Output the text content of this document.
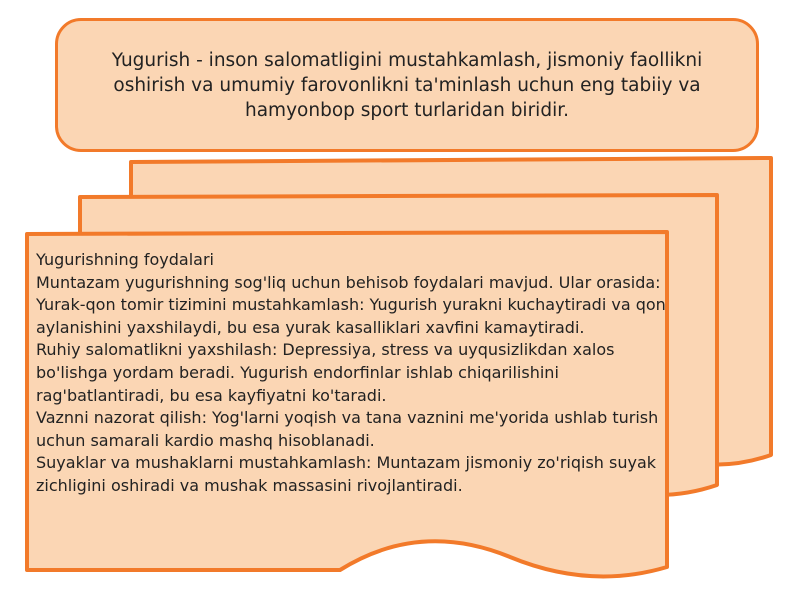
Yugurish - inson salomatligini mustahkamlash, jismoniy faollikni oshirish va umumiy farovonlikni ta'minlash uchun eng tabiiy va hamyonbop sport turlaridan biridir.
Yugurishning foydalari
Muntazam yugurishning sog'liq uchun behisob foydalari mavjud. Ular orasida:
Yurak-qon tomir tizimini mustahkamlash: Yugurish yurakni kuchaytiradi va qon aylanishini yaxshilaydi, bu esa yurak kasalliklari xavfini kamaytiradi.
Ruhiy salomatlikni yaxshilash: Depressiya, stress va uyqusizlikdan xalos bo'lishga yordam beradi. Yugurish endorfinlar ishlab chiqarilishini rag'batlantiradi, bu esa kayfiyatni ko'taradi.
Vaznni nazorat qilish: Yog'larni yoqish va tana vaznini me'yorida ushlab turish uchun samarali kardio mashq hisoblanadi.
Suyaklar va mushaklarni mustahkamlash: Muntazam jismoniy zo'riqish suyak zichligini oshiradi va mushak massasini rivojlantiradi.
